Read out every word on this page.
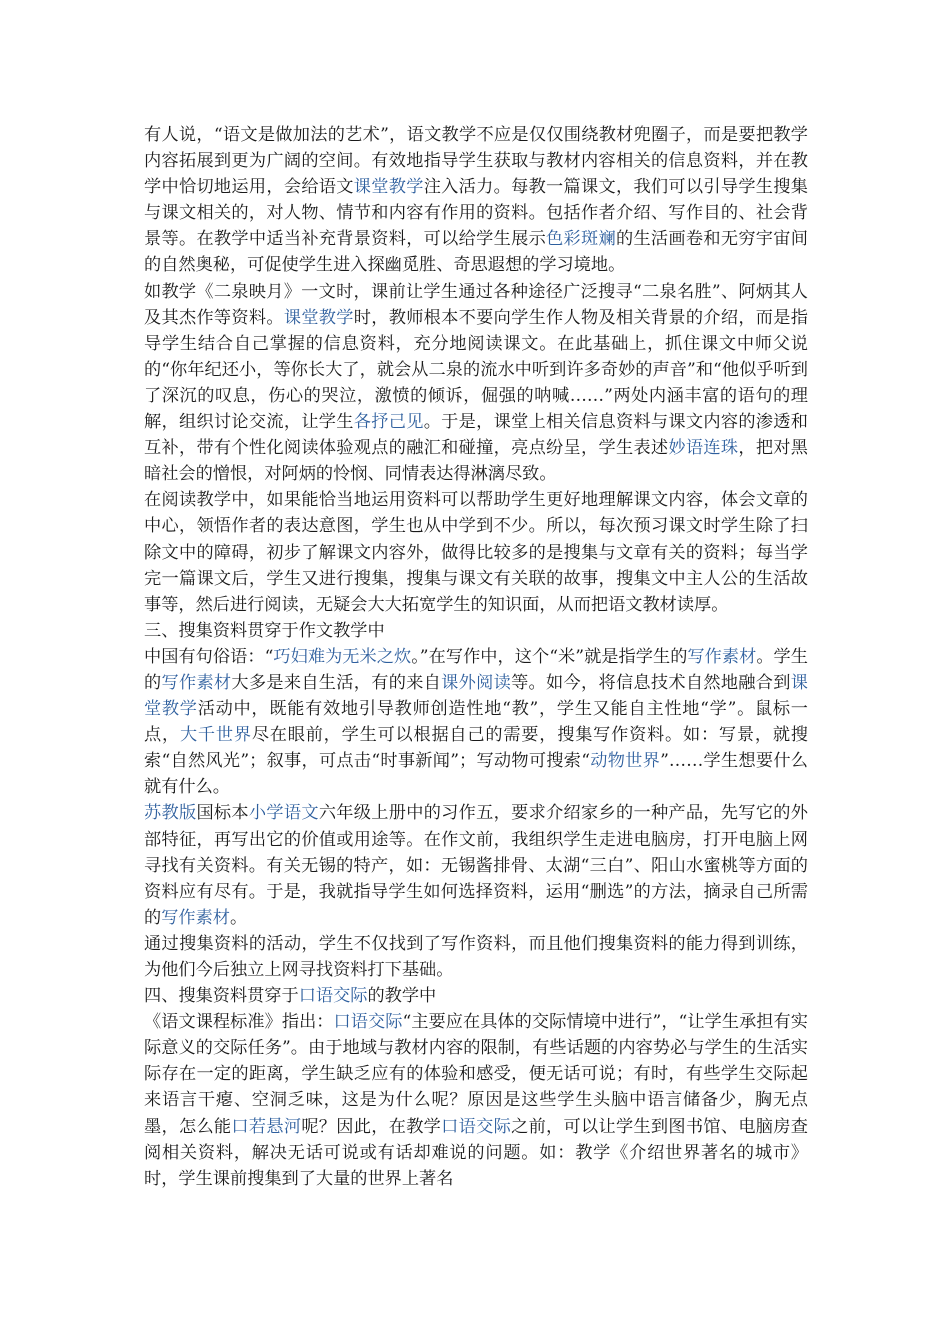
有人说，“语文是做加法的艺术”，语文教学不应是仅仅围绕教材兜圈子，而是要把教学内容拓展到更为广阔的空间。有效地指导学生获取与教材内容相关的信息资料，并在教学中恰切地运用，会给语文课堂教学注入活力。每教一篇课文，我们可以引导学生搜集与课文相关的，对人物、情节和内容有作用的资料。包括作者介绍、写作目的、社会背景等。在教学中适当补充背景资料，可以给学生展示色彩斑斓的生活画卷和无穷宇宙间的自然奥秘，可促使学生进入探幽觅胜、奇思遐想的学习境地。

如教学《二泉映月》一文时，课前让学生通过各种途径广泛搜寻“二泉名胜”、阿炳其人及其杰作等资料。课堂教学时，教师根本不要向学生作人物及相关背景的介绍，而是指导学生结合自己掌握的信息资料，充分地阅读课文。在此基础上，抓住课文中师父说的“你年纪还小，等你长大了，就会从二泉的流水中听到许多奇妙的声音”和“他似乎听到了深沉的叹息，伤心的哭泣，激愤的倾诉，倔强的呐喊……”两处内涵丰富的语句的理解，组织讨论交流，让学生各抒己见。于是，课堂上相关信息资料与课文内容的渗透和互补，带有个性化阅读体验观点的融汇和碰撞，亮点纷呈，学生表述妙语连珠，把对黑暗社会的憎恨，对阿炳的怜悯、同情表达得淋漓尽致。

在阅读教学中，如果能恰当地运用资料可以帮助学生更好地理解课文内容，体会文章的中心，领悟作者的表达意图，学生也从中学到不少。所以，每次预习课文时学生除了扫除文中的障碍，初步了解课文内容外，做得比较多的是搜集与文章有关的资料；每当学完一篇课文后，学生又进行搜集，搜集与课文有关联的故事，搜集文中主人公的生活故事等，然后进行阅读，无疑会大大拓宽学生的知识面，从而把语文教材读厚。

三、搜集资料贯穿于作文教学中

中国有句俗语：“巧妇难为无米之炊。”在写作中，这个“米”就是指学生的写作素材。学生的写作素材大多是来自生活，有的来自课外阅读等。如今，将信息技术自然地融合到课堂教学活动中，既能有效地引导教师创造性地“教”，学生又能自主性地“学”。鼠标一点，大千世界尽在眼前，学生可以根据自己的需要，搜集写作资料。如：写景，就搜索“自然风光”；叙事，可点击“时事新闻”；写动物可搜索“动物世界”……学生想要什么就有什么。

苏教版国标本小学语文六年级上册中的习作五，要求介绍家乡的一种产品，先写它的外部特征，再写出它的价值或用途等。在作文前，我组织学生走进电脑房，打开电脑上网寻找有关资料。有关无锡的特产，如：无锡酱排骨、太湖“三白”、阳山水蜜桃等方面的资料应有尽有。于是，我就指导学生如何选择资料，运用“删选”的方法，摘录自己所需的写作素材。

通过搜集资料的活动，学生不仅找到了写作资料，而且他们搜集资料的能力得到训练，为他们今后独立上网寻找资料打下基础。

四、搜集资料贯穿于口语交际的教学中

《语文课程标准》指出：口语交际“主要应在具体的交际情境中进行”，“让学生承担有实际意义的交际任务”。由于地域与教材内容的限制，有些话题的内容势必与学生的生活实际存在一定的距离，学生缺乏应有的体验和感受，便无话可说；有时，有些学生交际起来语言干瘪、空洞乏味，这是为什么呢？原因是这些学生头脑中语言储备少，胸无点墨，怎么能口若悬河呢？因此，在教学口语交际之前，可以让学生到图书馆、电脑房查阅相关资料，解决无话可说或有话却难说的问题。如：教学《介绍世界著名的城市》时，学生课前搜集到了大量的世界上著名
